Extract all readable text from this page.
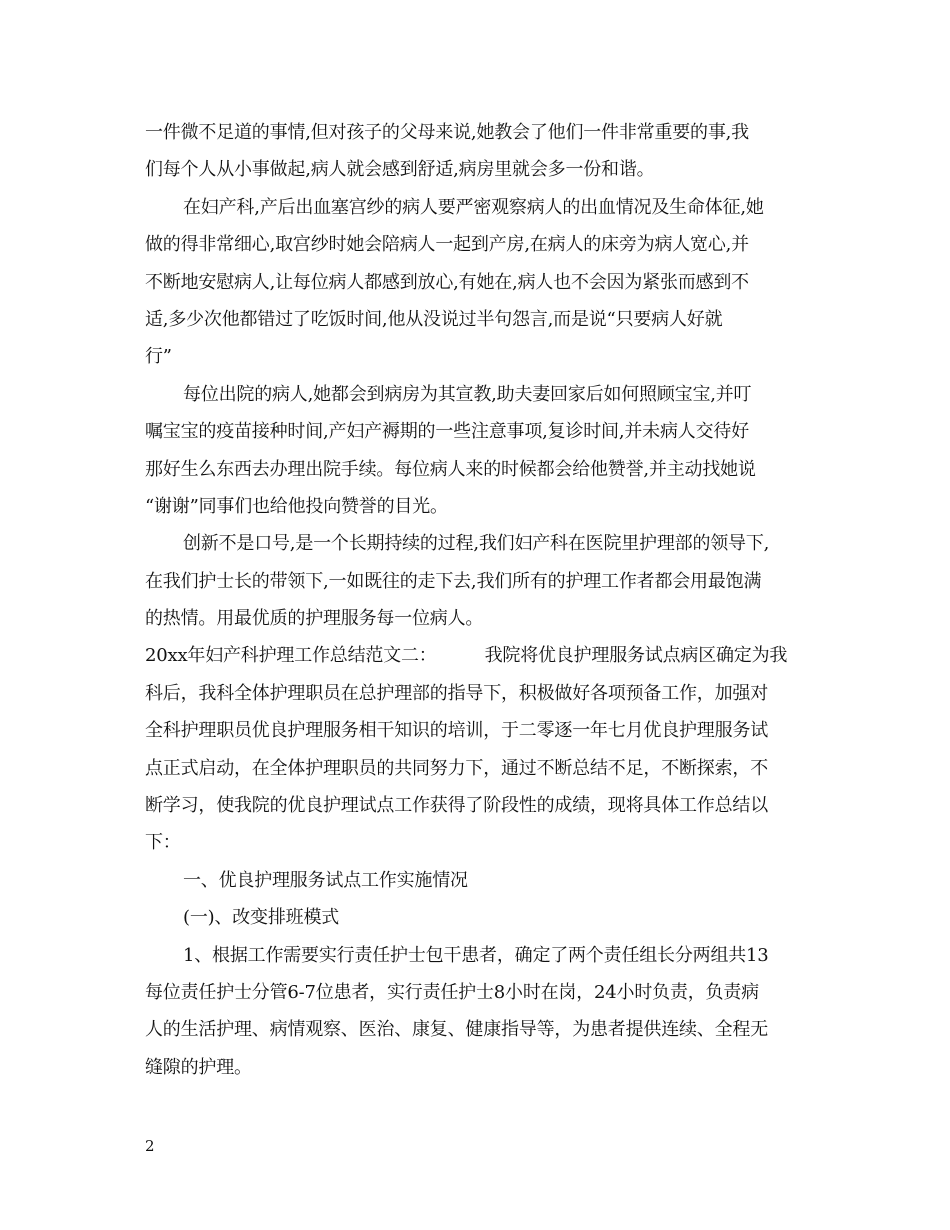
一件微不足道的事情,但对孩子的父母来说,她教会了他们一件非常重要的事,我
们每个人从小事做起,病人就会感到舒适,病房里就会多一份和谐。
在妇产科,产后出血塞宫纱的病人要严密观察病人的出血情况及生命体征,她
做的得非常细心,取宫纱时她会陪病人一起到产房,在病人的床旁为病人宽心,并
不断地安慰病人,让每位病人都感到放心,有她在,病人也不会因为紧张而感到不
适,多少次他都错过了吃饭时间,他从没说过半句怨言,而是说“只要病人好就
行”
每位出院的病人,她都会到病房为其宣教,助夫妻回家后如何照顾宝宝,并叮
嘱宝宝的疫苗接种时间,产妇产褥期的一些注意事项,复诊时间,并未病人交待好
那好生么东西去办理出院手续。每位病人来的时候都会给他赞誉,并主动找她说
“谢谢”同事们也给他投向赞誉的目光。
创新不是口号,是一个长期持续的过程,我们妇产科在医院里护理部的领导下,
在我们护士长的带领下,一如既往的走下去,我们所有的护理工作者都会用最饱满
的热情。用最优质的护理服务每一位病人。
20xx年妇产科护理工作总结范文二：	我院将优良护理服务试点病区确定为我
科后，我科全体护理职员在总护理部的指导下，积极做好各项预备工作，加强对
全科护理职员优良护理服务相干知识的培训，于二零逐一年七月优良护理服务试
点正式启动，在全体护理职员的共同努力下，通过不断总结不足，不断探索，不
断学习，使我院的优良护理试点工作获得了阶段性的成绩，现将具体工作总结以
下：
一、优良护理服务试点工作实施情况
(一)、改变排班模式
1、根据工作需要实行责任护士包干患者，确定了两个责任组长分两组共13
每位责任护士分管6-7位患者，实行责任护士8小时在岗，24小时负责，负责病
人的生活护理、病情观察、医治、康复、健康指导等，为患者提供连续、全程无
缝隙的护理。
2
